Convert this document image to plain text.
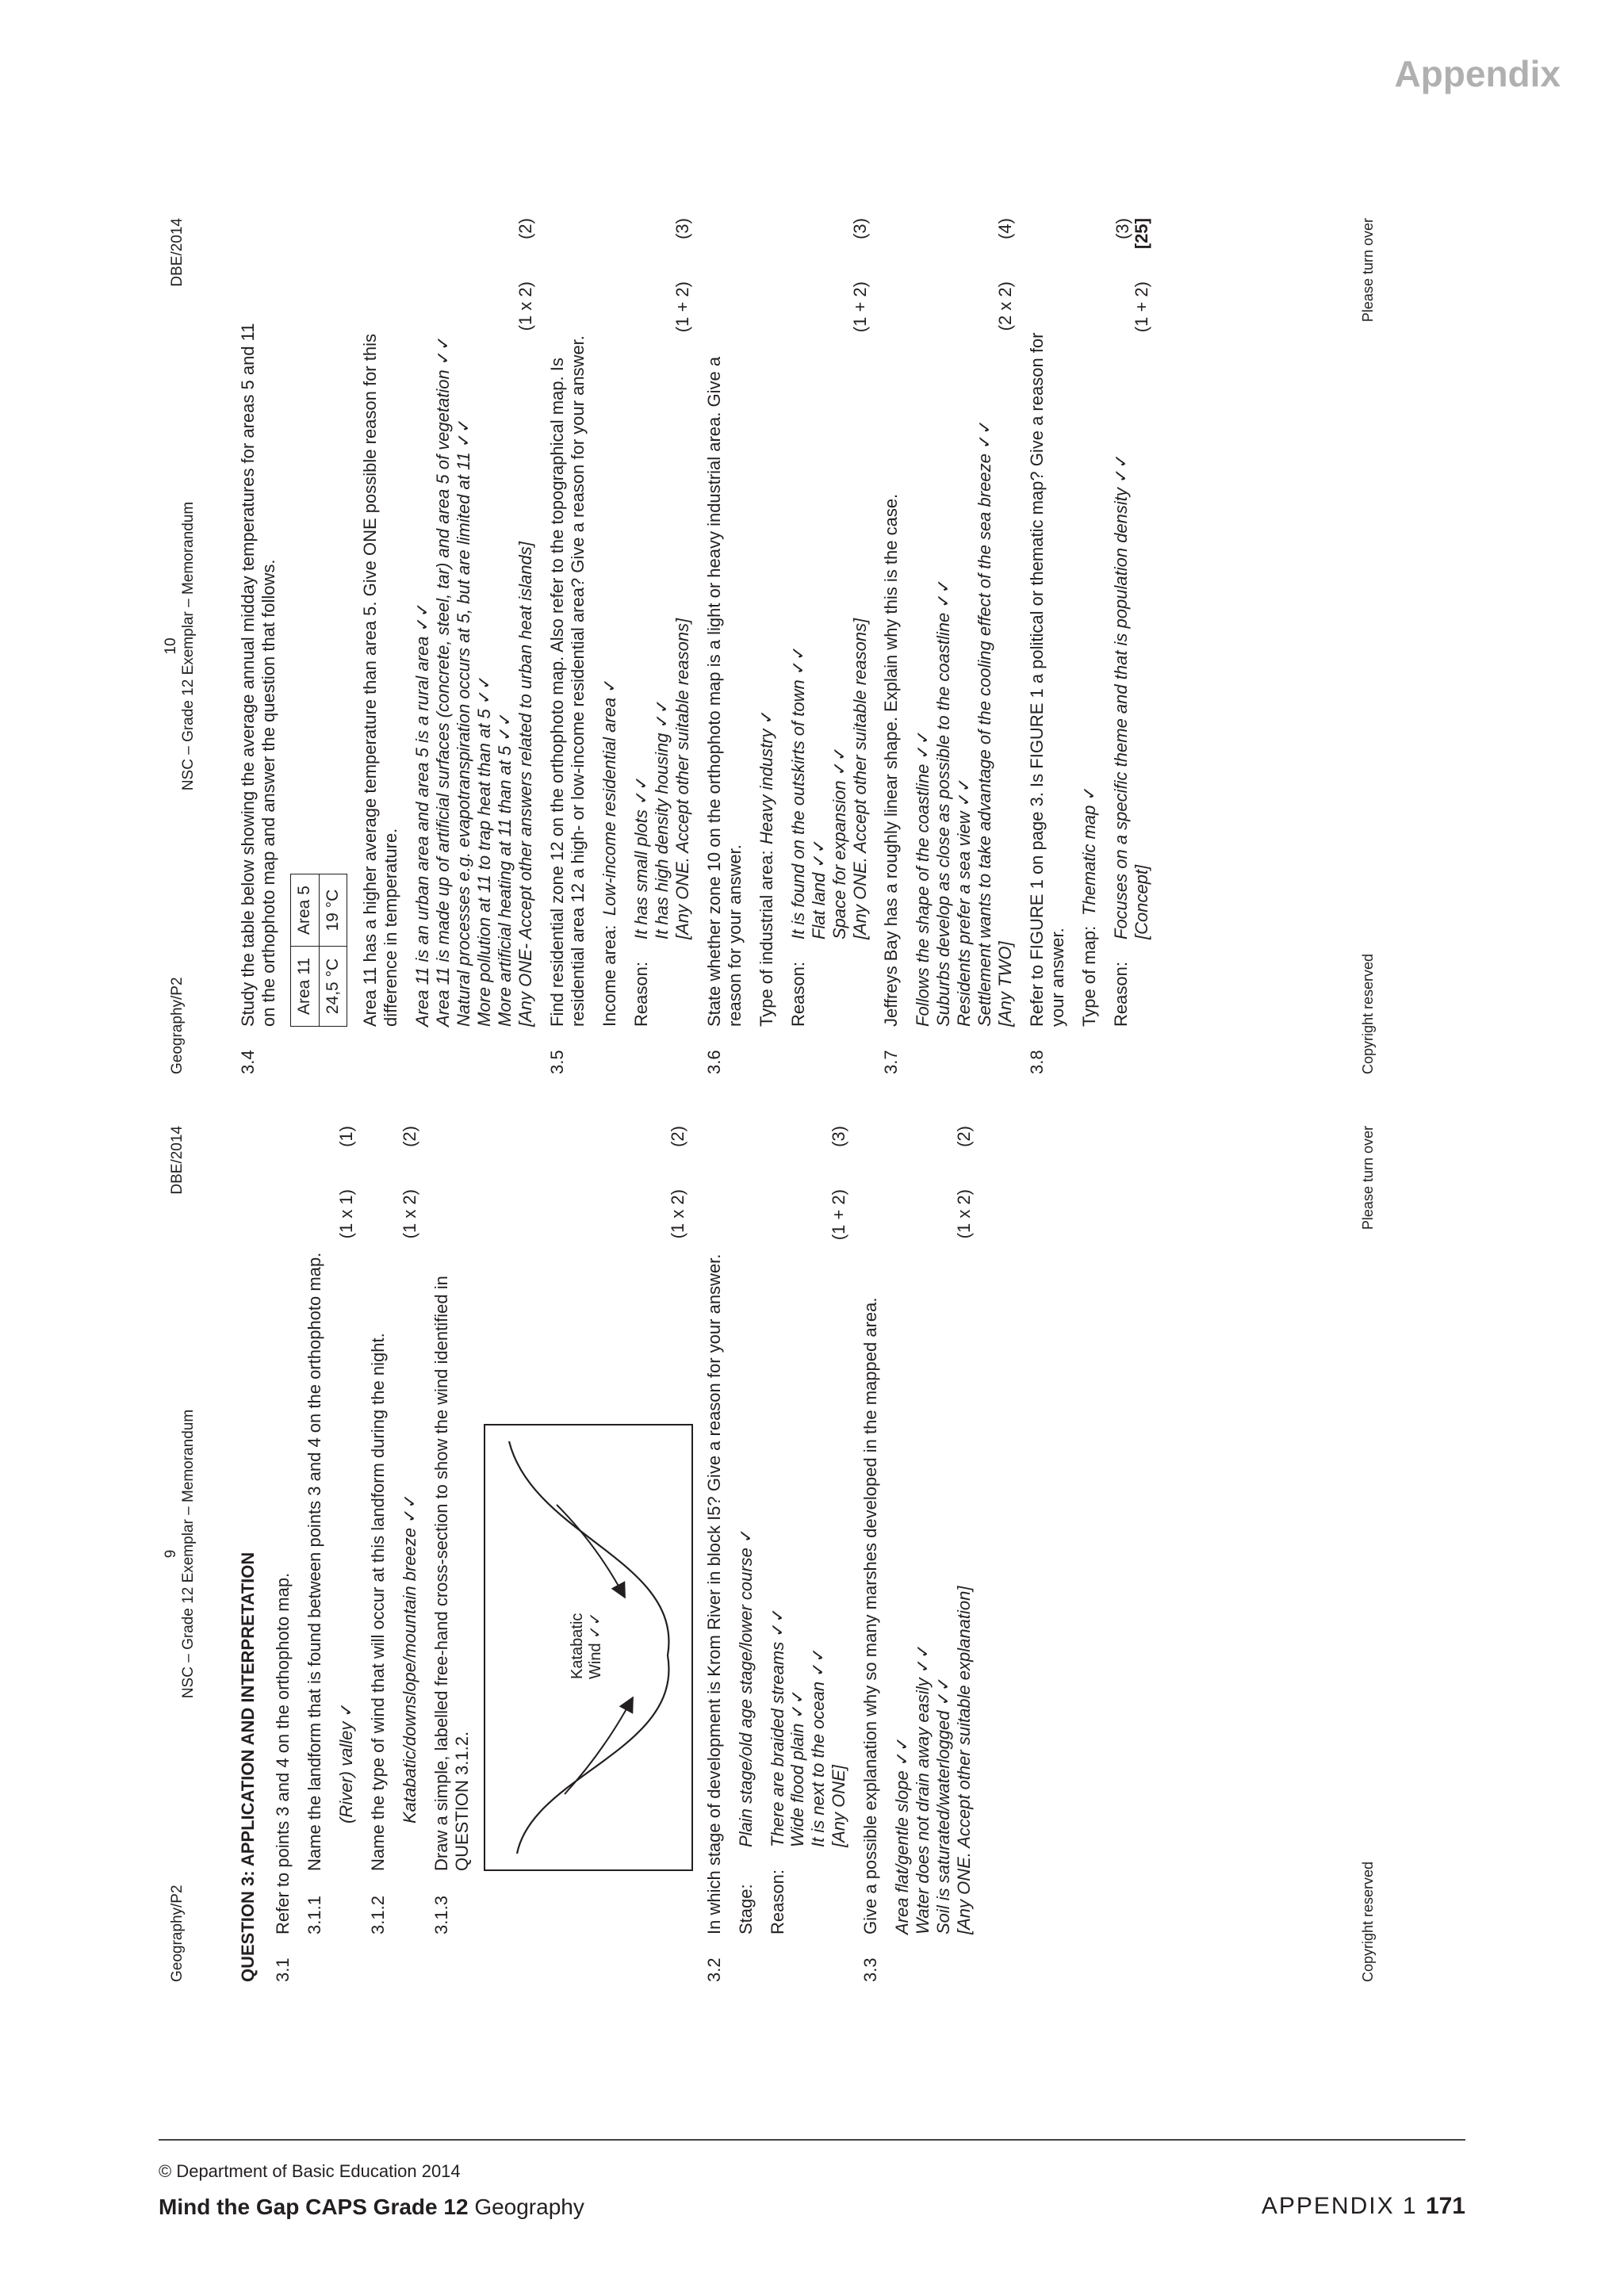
Appendix
Geography/P2
9 NSC – Grade 12 Exemplar – Memorandum
DBE/2014
QUESTION 3: APPLICATION AND INTERPRETATION 3.1
Refer to points 3 and 4 on the orthophoto map. 3.1.1
Name the landform that is found between points 3 and 4 on the orthophoto map. (River) valley ✓
(1 x 1)
(1)
3.1.2
Name the type of wind that will occur at this landform during the night. Katabatic/downslope/mountain breeze ✓✓
(1 x 2)
(2)
3.1.3
Draw a simple, labelled free-hand cross-section to show the wind identified in QUESTION 3.1.2.
Katabatic Wind ✓✓
(1 x 2)
(2)
3.2
In which stage of development is Krom River in block I5? Give a reason for your answer. Stage:Plain stage/old age stage/lower course ✓
Reason:
There are braided streams ✓✓ Wide flood plain ✓✓ It is next to the ocean ✓✓ [Any ONE]
(1 + 2)
(3)
3.3
Give a possible explanation why so many marshes developed in the mapped area. Area flat/gentle slope ✓✓ Water does not drain away easily ✓✓ Soil is saturated/waterlogged ✓✓ [Any ONE. Accept other suitable explanation]
(1 x 2)
(2)
Copyright reserved
Please turn over
Geography/P2
10 NSC – Grade 12 Exemplar – Memorandum
DBE/2014
3.4
Study the table below showing the average annual midday temperatures for areas 5 and 11 on the orthophoto map and answer the question that follows. Area 11	Area 5
24,5 °C	19 °C Area 11 has a higher average temperature than area 5. Give ONE possible reason for this difference in temperature. Area 11 is an urban area and area 5 is a rural area ✓✓ Area 11 is made up of artificial surfaces (concrete, steel, tar) and area 5 of vegetation ✓✓ Natural processes e.g. evapotranspiration occurs at 5, but are limited at 11 ✓✓ More pollution at 11 to trap heat than at 5 ✓✓ More artificial heating at 11 than at 5 ✓✓ [Any ONE- Accept other answers related to urban heat islands]
(1 x 2)
(2)
3.5
Find residential zone 12 on the orthophoto map. Also refer to the topographical map. Is residential area 12 a high- or low-income residential area? Give a reason for your answer. Income area:Low-income residential area ✓
Reason:
It has small plots ✓✓ It has high density housing ✓✓ [Any ONE. Accept other suitable reasons]
(1 + 2)
(3)
3.6
State whether zone 10 on the orthophoto map is a light or heavy industrial area. Give a reason for your answer. Type of industrial area:Heavy industry ✓
Reason:
It is found on the outskirts of town ✓✓ Flat land ✓✓ Space for expansion ✓✓ [Any ONE. Accept other suitable reasons]
(1 + 2)
(3)
3.7
Jeffreys Bay has a roughly linear shape. Explain why this is the case. Follows the shape of the coastline ✓✓ Suburbs develop as close as possible to the coastline ✓✓ Residents prefer a sea view ✓✓ Settlement wants to take advantage of the cooling effect of the sea breeze ✓✓ [Any TWO]
(2 x 2)
(4)
3.8
Refer to FIGURE 1 on page 3. Is FIGURE 1 a political or thematic map? Give a reason for your answer. Type of map:Thematic map ✓
Reason:
Focuses on a specific theme and that is population density ✓✓ [Concept]
(1 + 2)
(3) [25]
Copyright reserved
Please turn over
© Department of Basic Education 2014
Mind the Gap CAPS Grade 12 Geography	APPENDIX 1 171
